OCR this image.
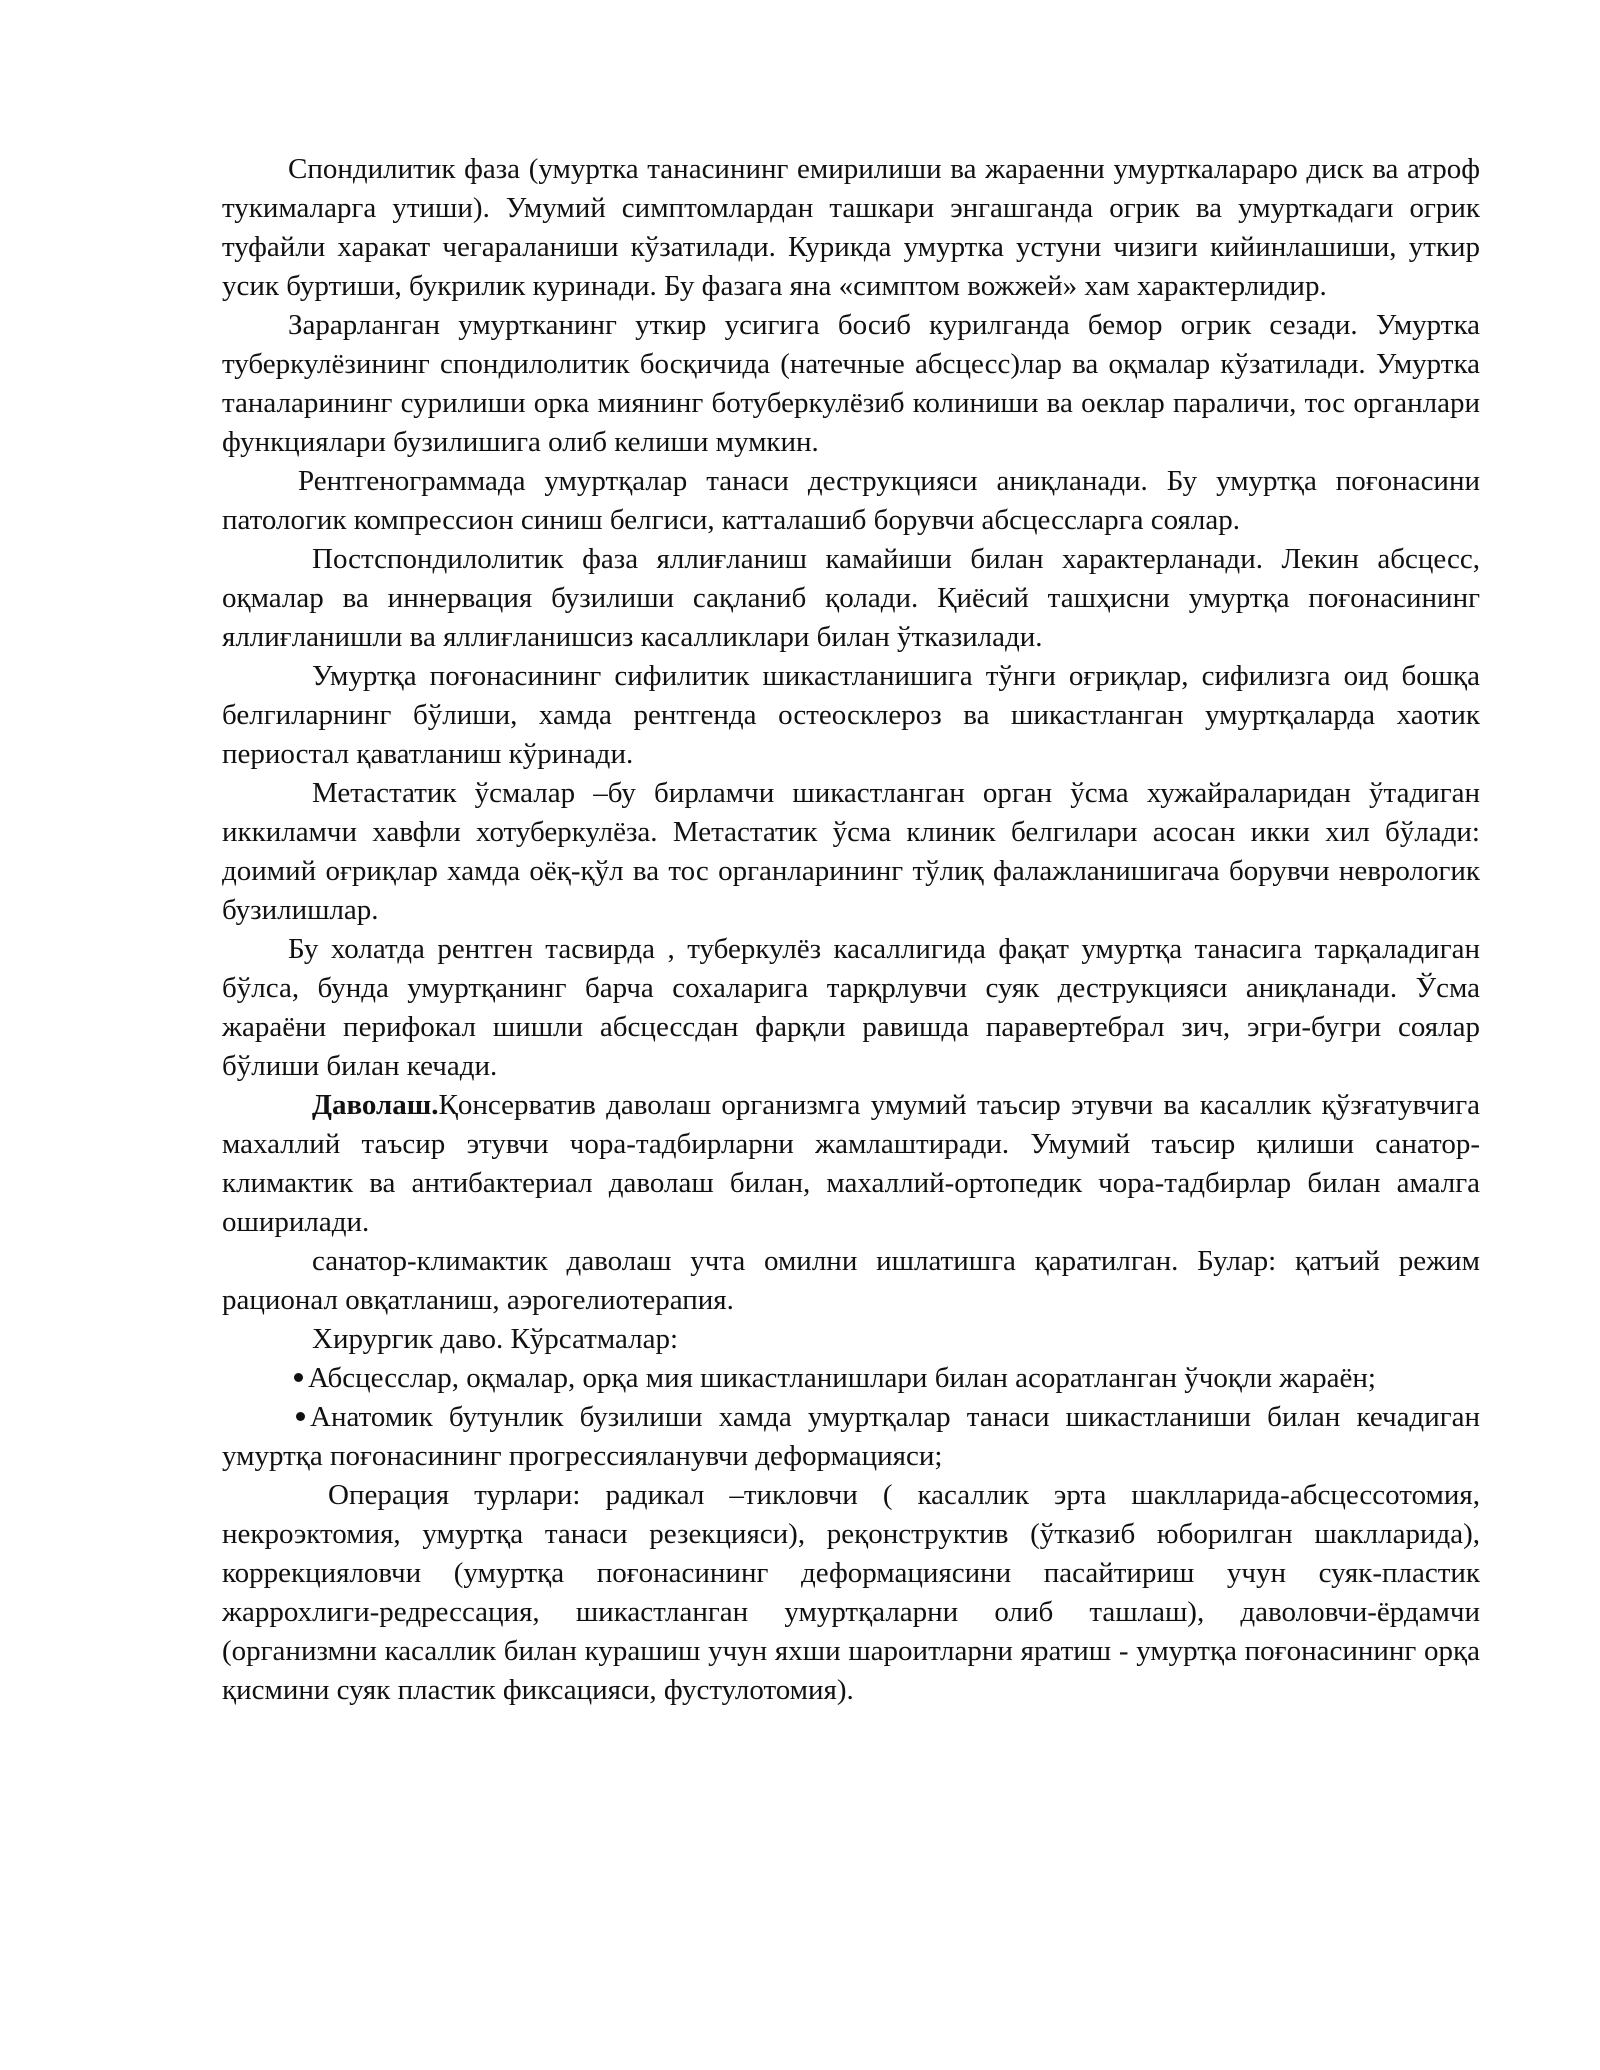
Спондилитик фаза (умуртка танасининг емирилиши ва жараенни умурткалараро диск ва атроф тукималарга утиши). Умумий симптомлардан ташкари энгашганда огрик ва умурткадаги огрик туфайли харакат чегараланиши кўзатилади. Курикда умуртка устуни чизиги кийинлашиши, уткир усик буртиши, букрилик куринади. Бу фазага яна «симптом вожжей» хам характерлидир.

Зарарланган умуртканинг уткир усигига босиб курилганда бемор огрик сезади. Умуртка туберкулёзининг спондилолитик босқичида (натечные абсцесс)лар ва оқмалар кўзатилади. Умуртка таналарининг сурилиши орка миянинг ботуберкулёзиб колиниши ва оеклар параличи, тос органлари функциялари бузилишига олиб келиши мумкин.

Рентгенограммада умуртқалар танаси деструкцияси аниқланади. Бу умуртқа поғонасини патологик компрессион синиш белгиси, катталашиб борувчи абсцессларга соялар.

Постспондилолитик фаза яллиғланиш камайиши билан характерланади. Лекин абсцесс, оқмалар ва иннервация бузилиши сақланиб қолади. Қиёсий ташҳисни умуртқа поғонасининг яллиғланишли ва яллиғланишсиз касалликлари билан ўтказилади.

Умуртқа поғонасининг сифилитик шикастланишига тўнги оғриқлар, сифилизга оид бошқа белгиларнинг бўлиши, хамда рентгенда остеосклероз ва шикастланган умуртқаларда хаотик периостал қаватланиш кўринади.

Метастатик ўсмалар –бу бирламчи шикастланган орган ўсма хужайраларидан ўтадиган иккиламчи хавфли хотуберкулёза. Метастатик ўсма клиник белгилари асосан икки хил бўлади: доимий оғриқлар хамда оёқ-қўл ва тос органларининг тўлиқ фалажланишигача борувчи неврологик бузилишлар.

Бу холатда рентген тасвирда , туберкулёз касаллигида фақат умуртқа танасига тарқаладиган бўлса, бунда умуртқанинг барча сохаларига тарқрлувчи суяк деструкцияси аниқланади. Ўсма жараёни перифокал шишли абсцессдан фарқли равишда паравертебрал зич, эгри-бугри соялар бўлиши билан кечади.

Даволаш.Қонсерватив даволаш организмга умумий таъсир этувчи ва касаллик қўзғатувчига махаллий таъсир этувчи чора-тадбирларни жамлаштиради. Умумий таъсир қилиши санатор-климактик ва антибактериал даволаш билан, махаллий-ортопедик чора-тадбирлар билан амалга оширилади.

санатор-климактик даволаш учта омилни ишлатишга қаратилган. Булар: қатъий режим рационал овқатланиш, аэрогелиотерапия.

Хирургик даво. Кўрсатмалар:

Абсцесслар, оқмалар, орқа мия шикастланишлари билан асоратланган ўчоқли жараён;

Анатомик бутунлик бузилиши хамда умуртқалар танаси шикастланиши билан кечадиган умуртқа поғонасининг прогрессияланувчи деформацияси;

Операция турлари: радикал –тикловчи ( касаллик эрта шаклларида-абсцессотомия, некроэктомия, умуртқа танаси резекцияси), реқонструктив (ўтказиб юборилган шаклларида), коррекцияловчи (умуртқа поғонасининг деформациясини пасайтириш учун суяк-пластик жаррохлиги-редрессация, шикастланган умуртқаларни олиб ташлаш), даволовчи-ёрдамчи (организмни касаллик билан курашиш учун яхши шароитларни яратиш - умуртқа поғонасининг орқа қисмини суяк пластик фиксацияси, фустулотомия).
